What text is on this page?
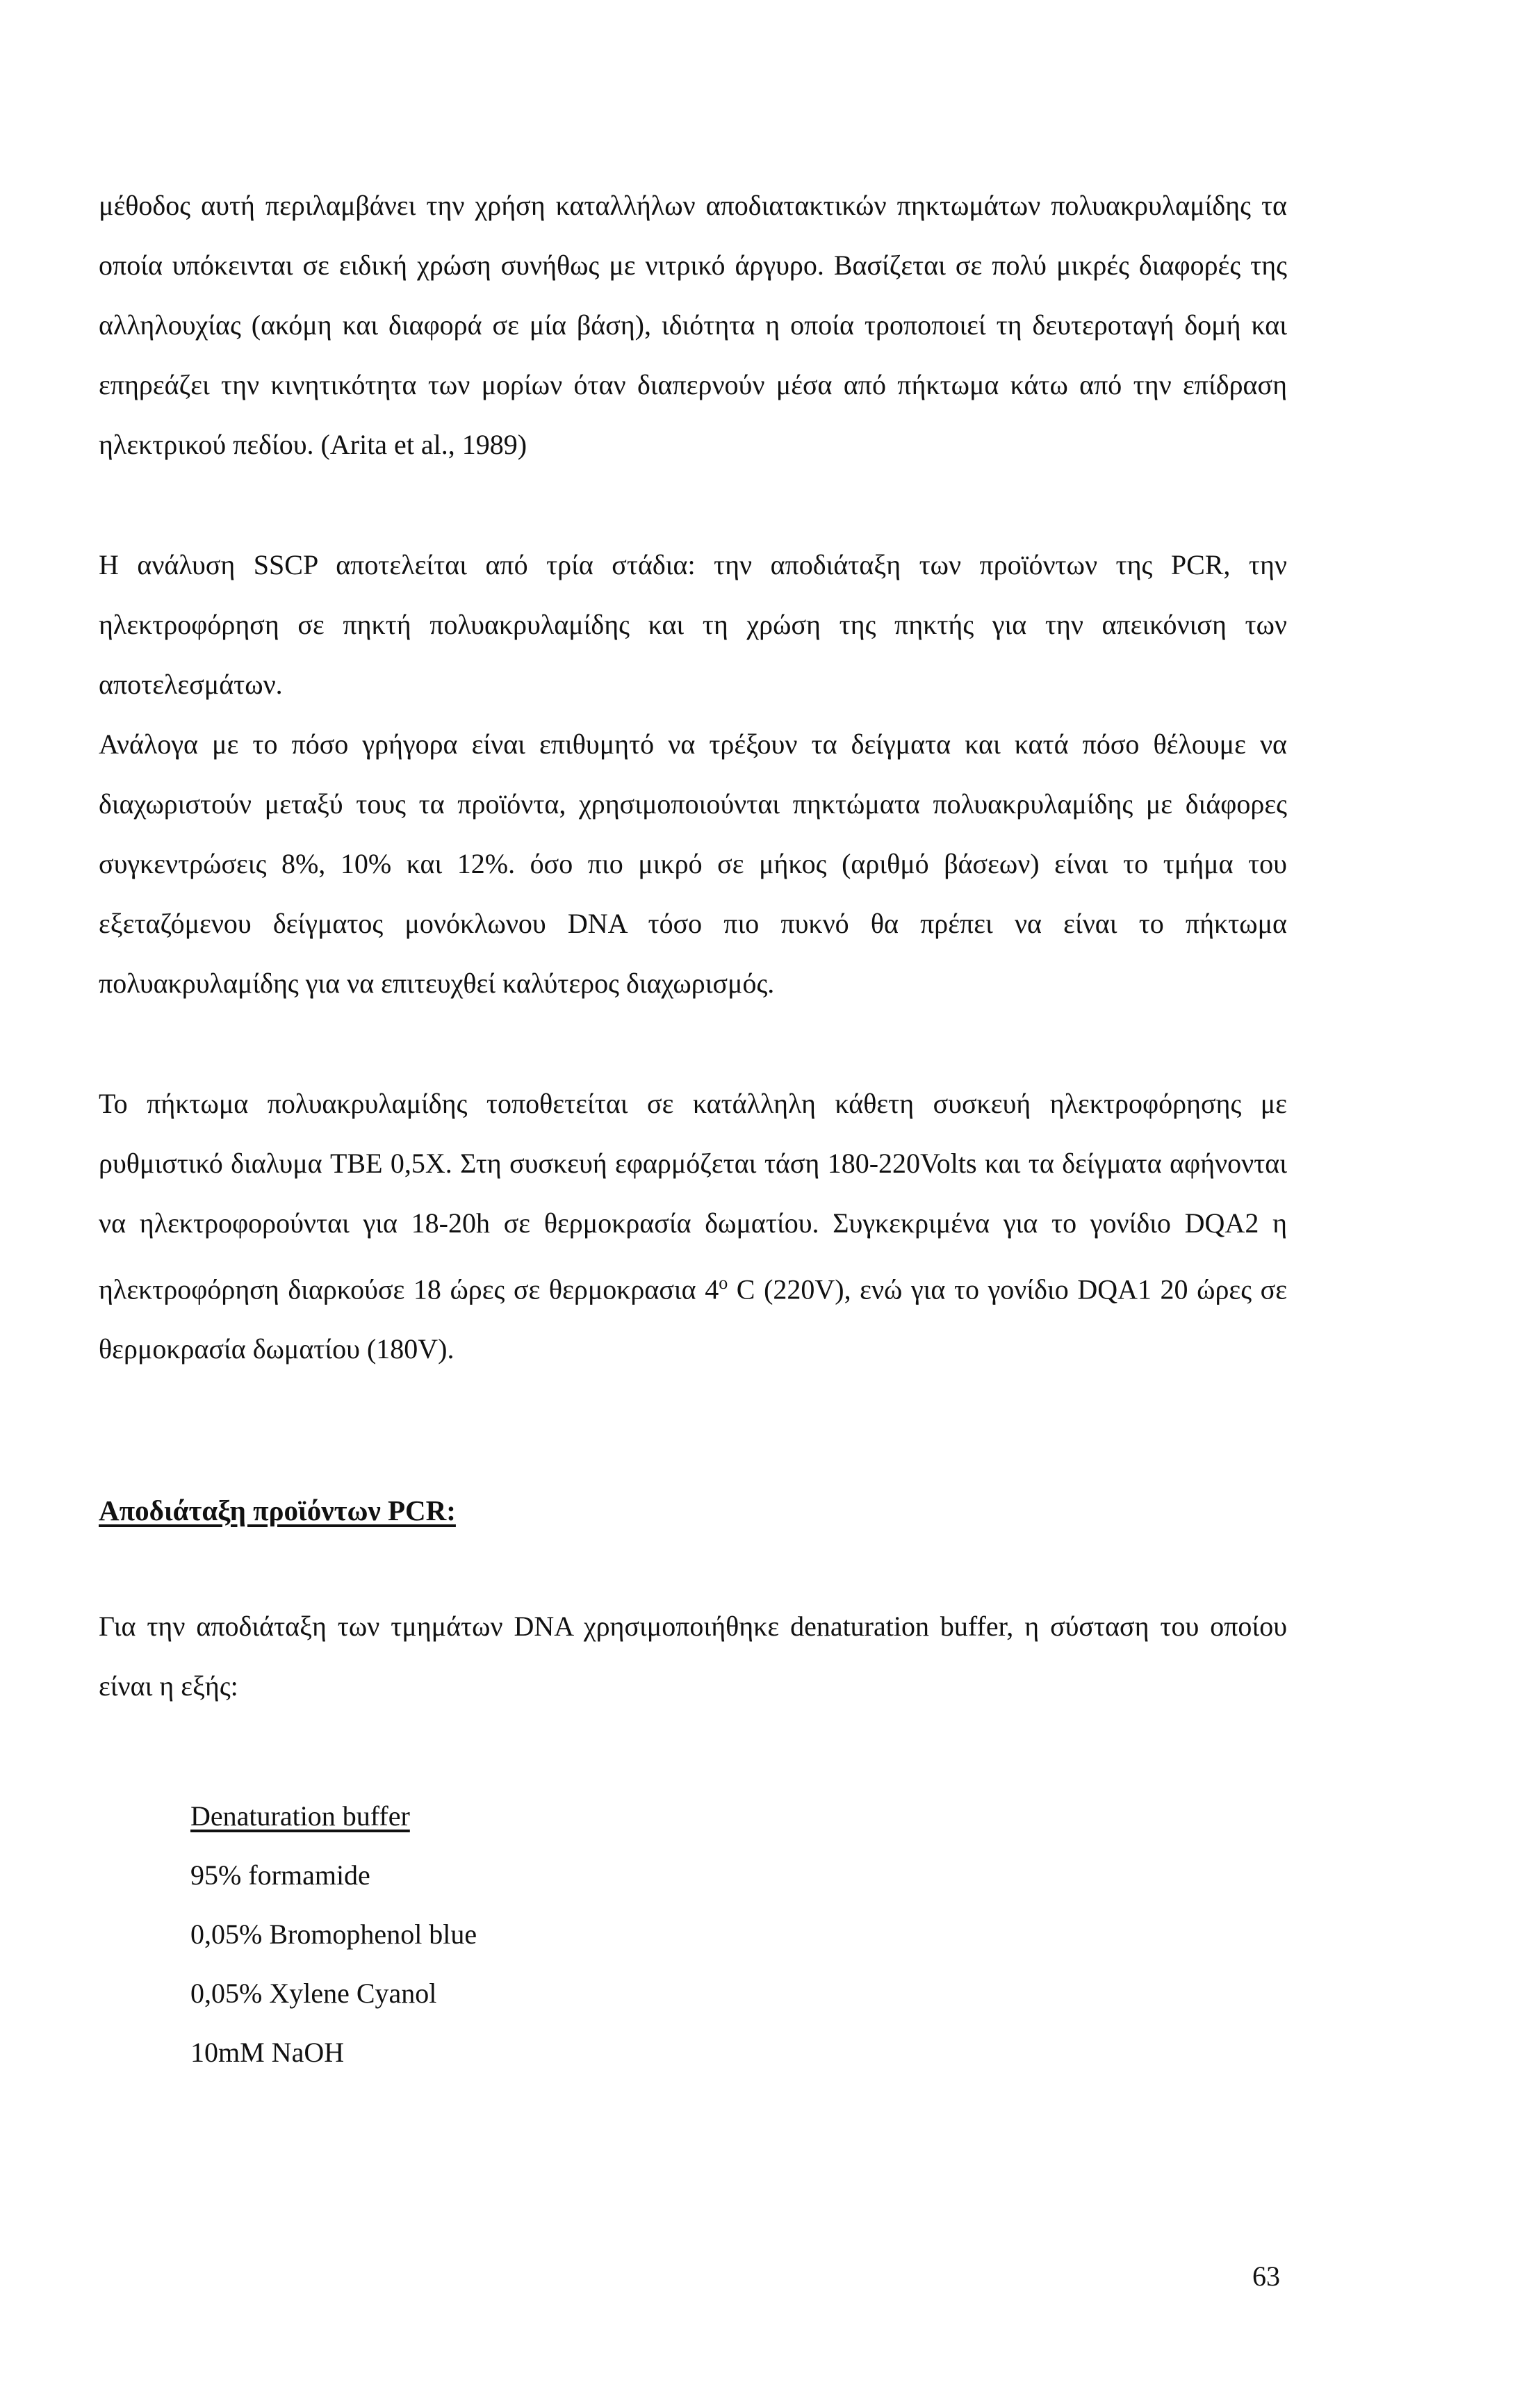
μέθοδος αυτή περιλαμβάνει την χρήση καταλλήλων αποδιατακτικών πηκτωμάτων πολυακρυλαμίδης τα οποία υπόκεινται σε ειδική χρώση συνήθως με νιτρικό άργυρο. Βασίζεται σε πολύ μικρές διαφορές της αλληλουχίας (ακόμη και διαφορά σε μία βάση), ιδιότητα η οποία τροποποιεί τη δευτεροταγή δομή και επηρεάζει την κινητικότητα των μορίων όταν διαπερνούν μέσα από πήκτωμα κάτω από την επίδραση ηλεκτρικού πεδίου. (Arita et al., 1989)

Η ανάλυση SSCP αποτελείται από τρία στάδια: την αποδιάταξη των προϊόντων της PCR, την ηλεκτροφόρηση σε πηκτή πολυακρυλαμίδης και τη χρώση της πηκτής για την απεικόνιση των αποτελεσμάτων.

Ανάλογα με το πόσο γρήγορα είναι επιθυμητό να τρέξουν τα δείγματα και κατά πόσο θέλουμε να διαχωριστούν μεταξύ τους τα προϊόντα, χρησιμοποιούνται πηκτώματα πολυακρυλαμίδης με διάφορες συγκεντρώσεις 8%, 10% και 12%. όσο πιο μικρό σε μήκος (αριθμό βάσεων) είναι το τμήμα του εξεταζόμενου δείγματος μονόκλωνου DNA τόσο πιο πυκνό θα πρέπει να είναι το πήκτωμα πολυακρυλαμίδης για να επιτευχθεί καλύτερος διαχωρισμός.

Το πήκτωμα πολυακρυλαμίδης τοποθετείται σε κατάλληλη κάθετη συσκευή ηλεκτροφόρησης με ρυθμιστικό διαλυμα TBE 0,5X. Στη συσκευή εφαρμόζεται τάση 180-220Volts και τα δείγματα αφήνονται να ηλεκτροφορούνται για 18-20h σε θερμοκρασία δωματίου. Συγκεκριμένα για το γονίδιο DQA2 η ηλεκτροφόρηση διαρκούσε 18 ώρες σε θερμοκρασια 4$^o$ C (220V), ενώ για το γονίδιο DQA1 20 ώρες σε θερμοκρασία δωματίου (180V).

Αποδιάταξη προϊόντων PCR:

Για την αποδιάταξη των τμημάτων DNA χρησιμοποιήθηκε denaturation buffer, η σύσταση του οποίου είναι η εξής:

Denaturation buffer
95% formamide
0,05% Bromophenol blue
0,05% Xylene Cyanol
10mM NaOH
63
